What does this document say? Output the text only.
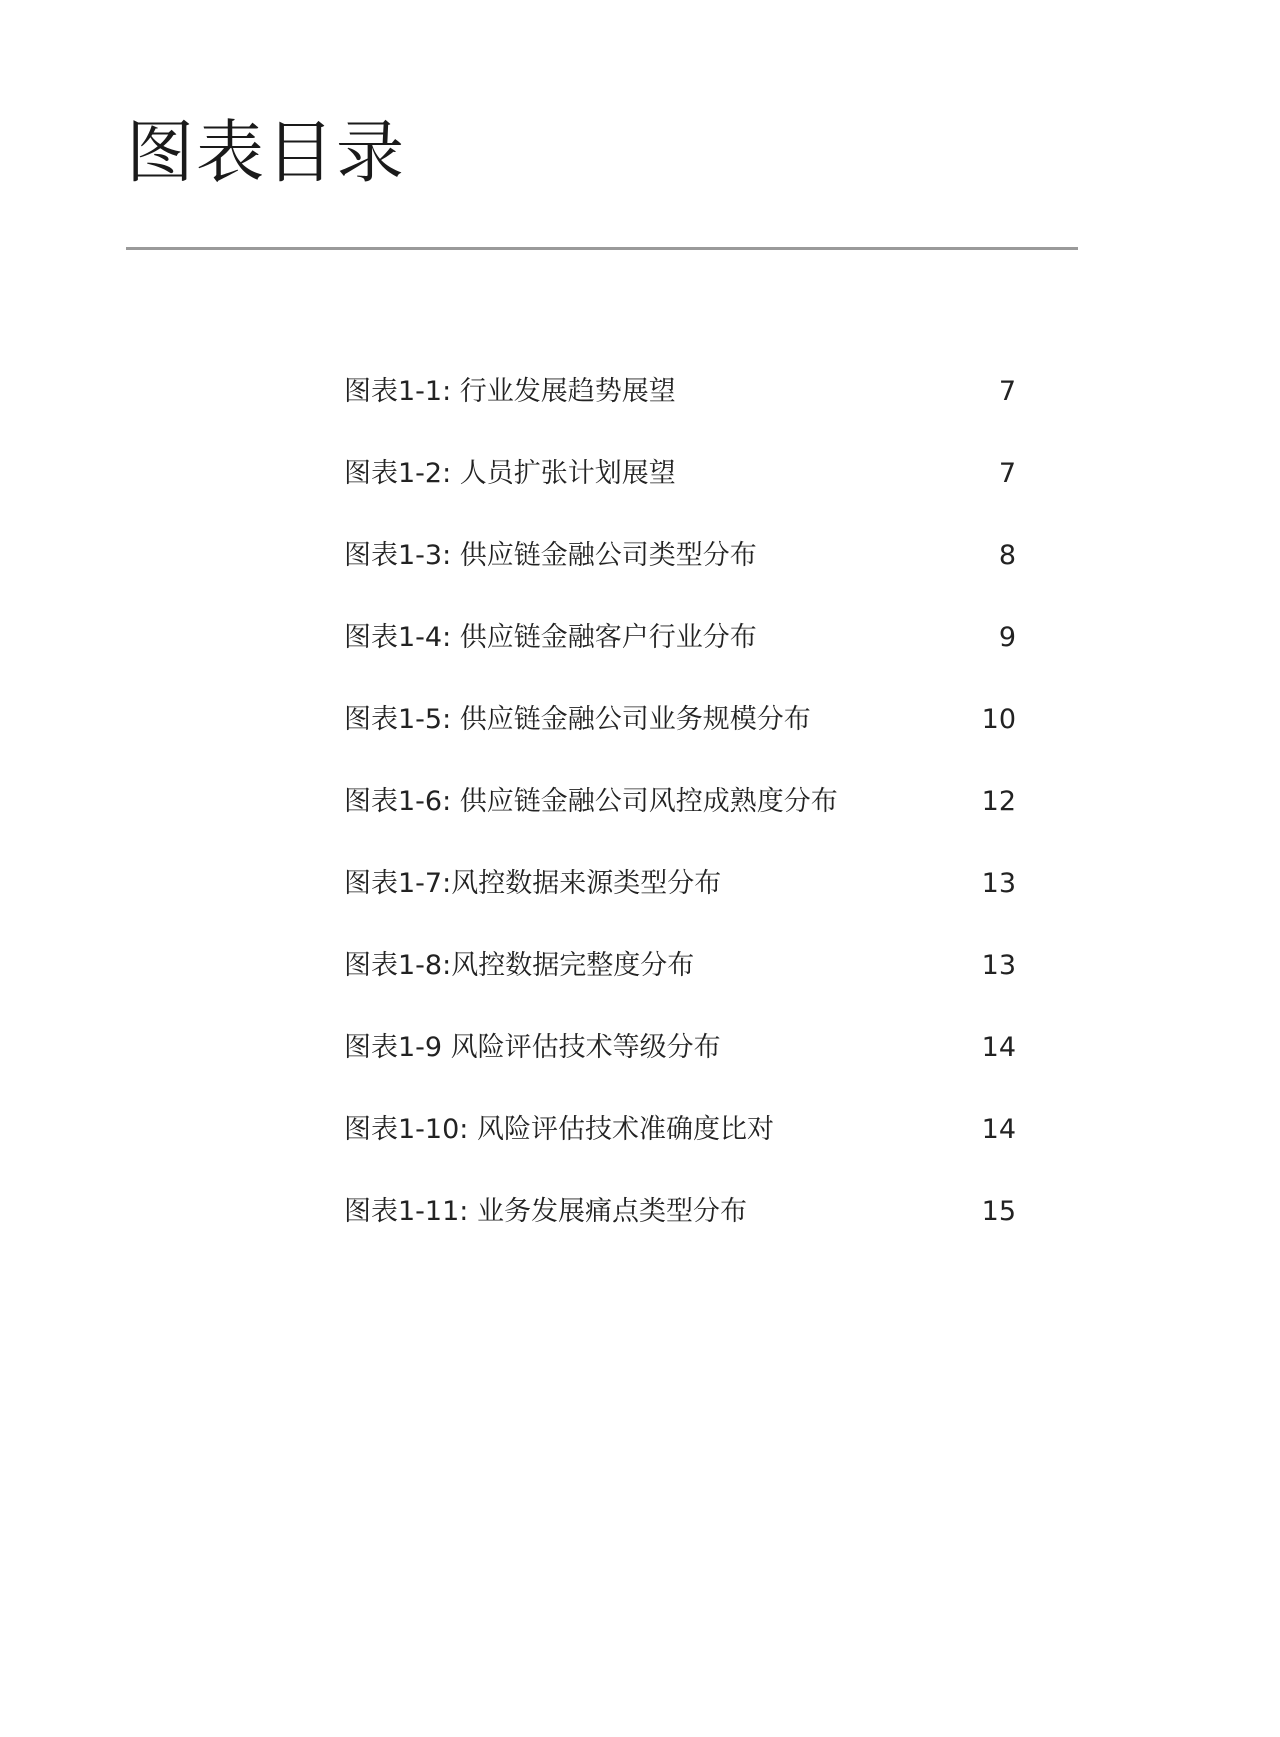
图表目录
图表1-1: 行业发展趋势展望	7
图表1-2: 人员扩张计划展望	7
图表1-3: 供应链金融公司类型分布	8
图表1-4: 供应链金融客户行业分布	9
图表1-5: 供应链金融公司业务规模分布	10
图表1-6: 供应链金融公司风控成熟度分布	12
图表1-7:风控数据来源类型分布	13
图表1-8:风控数据完整度分布	13
图表1-9 风险评估技术等级分布	14
图表1-10: 风险评估技术准确度比对	14
图表1-11: 业务发展痛点类型分布	15
